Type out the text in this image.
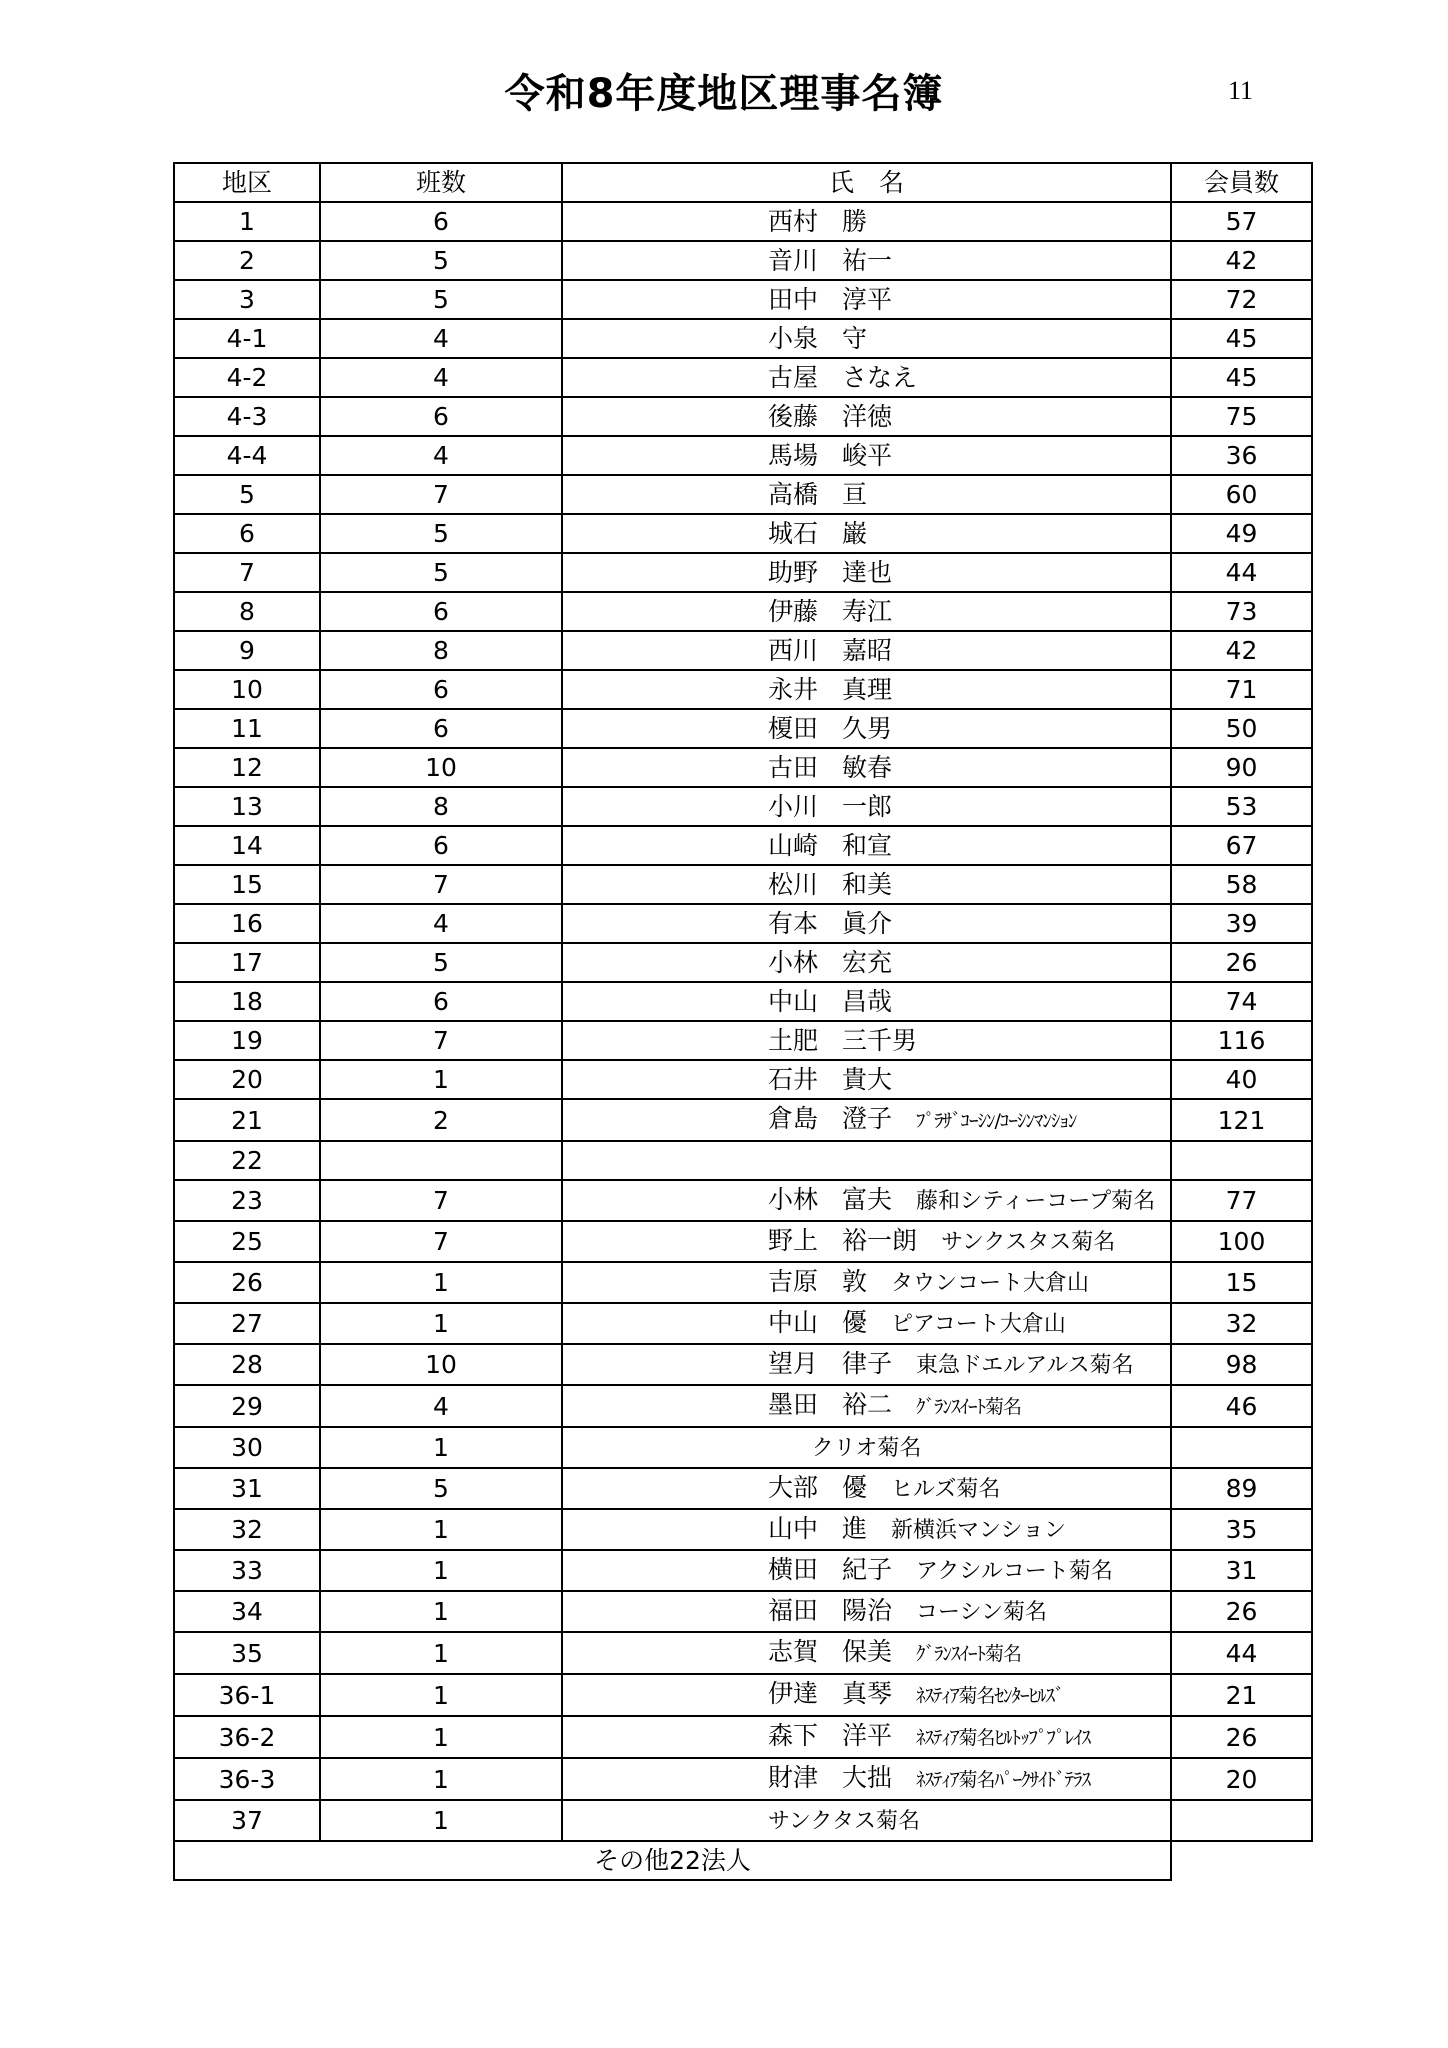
令和8年度地区理事名簿	11
地区	班数	氏　名	会員数
1	6	西村 勝	57
2	5	音川 祐一	42
3	5	田中 淳平	72
4-1	4	小泉 守	45
4-2	4	古屋 さなえ	45
4-3	6	後藤 洋徳	75
4-4	4	馬場 峻平	36
5	7	高橋 亘	60
6	5	城石 巌	49
7	5	助野 達也	44
8	6	伊藤 寿江	73
9	8	西川 嘉昭	42
10	6	永井 真理	71
11	6	榎田 久男	50
12	10	古田 敏春	90
13	8	小川 一郎	53
14	6	山崎 和宣	67
15	7	松川 和美	58
16	4	有本 眞介	39
17	5	小林 宏充	26
18	6	中山 昌哉	74
19	7	土肥 三千男	116
20	1	石井 貴大	40
21	2	倉島 澄子 ﾌﾟﾗｻﾞｺｰｼﾝ/ｺｰｼﾝﾏﾝｼｮﾝ	121
22			
23	7	小林 富夫 藤和シティーコープ菊名	77
25	7	野上 裕一朗 サンクスタス菊名	100
26	1	吉原 敦 タウンコート大倉山	15
27	1	中山 優 ピアコート大倉山	32
28	10	望月 律子 東急ドエルアルス菊名	98
29	4	墨田 裕二 ｸﾞﾗﾝｽｲｰﾄ菊名	46
30	1	クリオ菊名	
31	5	大部 優 ヒルズ菊名	89
32	1	山中 進 新横浜マンション	35
33	1	横田 紀子 アクシルコート菊名	31
34	1	福田 陽治 コーシン菊名	26
35	1	志賀 保美 ｸﾞﾗﾝｽｲｰﾄ菊名	44
36-1	1	伊達 真琴 ﾈｽﾃｨｱ菊名ｾﾝﾀｰﾋﾙｽﾞ	21
36-2	1	森下 洋平 ﾈｽﾃｨｱ菊名ﾋﾙﾄｯﾌﾟﾌﾟﾚｲｽ	26
36-3	1	財津 大拙 ﾈｽﾃｨｱ菊名ﾊﾟｰｸｻｲﾄﾞﾃﾗｽ	20
37	1	サンクタス菊名	
その他22法人			
